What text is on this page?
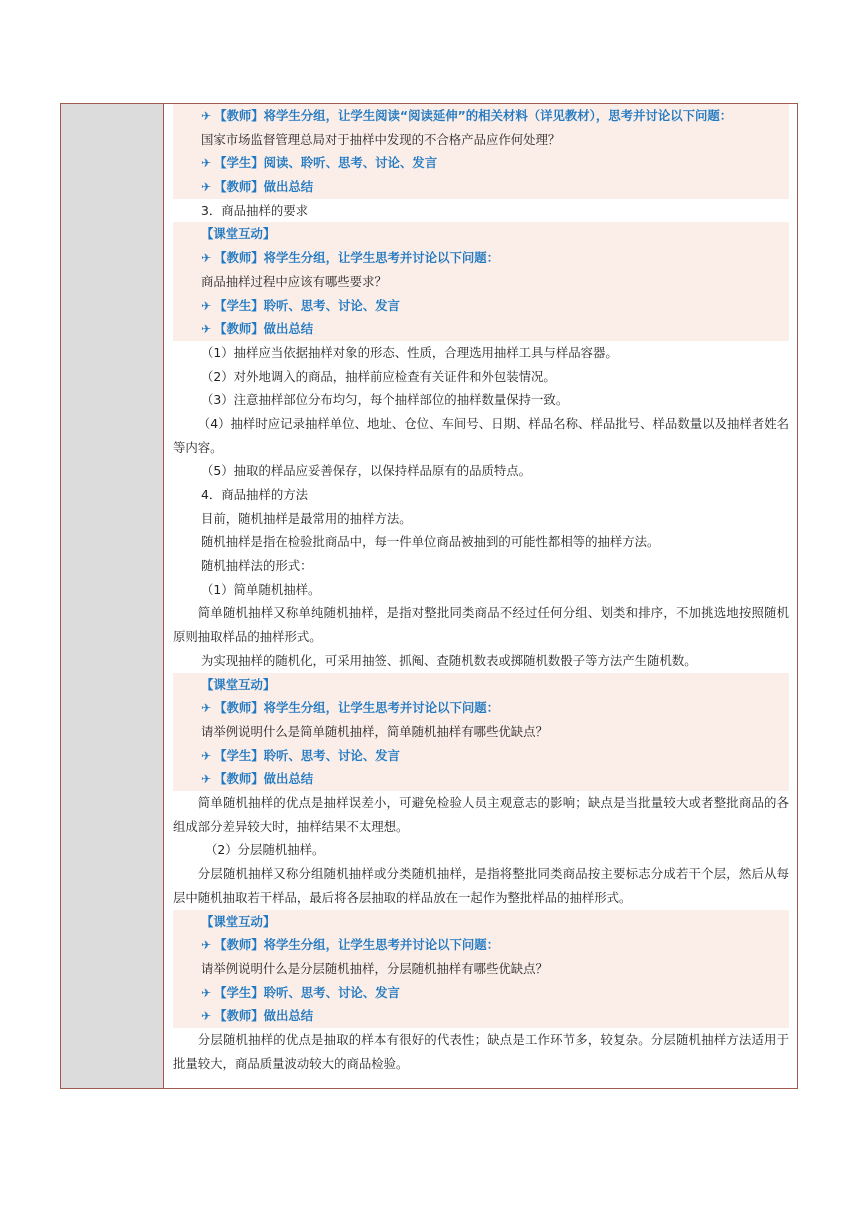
✈ 【教师】将学生分组，让学生阅读“阅读延伸”的相关材料（详见教材），思考并讨论以下问题：
国家市场监督管理总局对于抽样中发现的不合格产品应作何处理？
✈ 【学生】阅读、聆听、思考、讨论、发言
✈ 【教师】做出总结
3．商品抽样的要求
【课堂互动】
✈ 【教师】将学生分组，让学生思考并讨论以下问题：
商品抽样过程中应该有哪些要求？
✈ 【学生】聆听、思考、讨论、发言
✈ 【教师】做出总结
（1）抽样应当依据抽样对象的形态、性质，合理选用抽样工具与样品容器。
（2）对外地调入的商品，抽样前应检查有关证件和外包装情况。
（3）注意抽样部位分布均匀，每个抽样部位的抽样数量保持一致。
（4）抽样时应记录抽样单位、地址、仓位、车间号、日期、样品名称、样品批号、样品数量以及抽样者姓名等内容。
（5）抽取的样品应妥善保存，以保持样品原有的品质特点。
4．商品抽样的方法
目前，随机抽样是最常用的抽样方法。
随机抽样是指在检验批商品中，每一件单位商品被抽到的可能性都相等的抽样方法。
随机抽样法的形式：
（1）简单随机抽样。
简单随机抽样又称单纯随机抽样，是指对整批同类商品不经过任何分组、划类和排序，不加挑选地按照随机原则抽取样品的抽样形式。
为实现抽样的随机化，可采用抽签、抓阄、查随机数表或掷随机数骰子等方法产生随机数。
【课堂互动】
✈ 【教师】将学生分组，让学生思考并讨论以下问题：
请举例说明什么是简单随机抽样，简单随机抽样有哪些优缺点？
✈ 【学生】聆听、思考、讨论、发言
✈ 【教师】做出总结
简单随机抽样的优点是抽样误差小，可避免检验人员主观意志的影响；缺点是当批量较大或者整批商品的各组成部分差异较大时，抽样结果不太理想。
（2）分层随机抽样。
分层随机抽样又称分组随机抽样或分类随机抽样，是指将整批同类商品按主要标志分成若干个层，然后从每层中随机抽取若干样品，最后将各层抽取的样品放在一起作为整批样品的抽样形式。
【课堂互动】
✈ 【教师】将学生分组，让学生思考并讨论以下问题：
请举例说明什么是分层随机抽样，分层随机抽样有哪些优缺点？
✈ 【学生】聆听、思考、讨论、发言
✈ 【教师】做出总结
分层随机抽样的优点是抽取的样本有很好的代表性；缺点是工作环节多，较复杂。分层随机抽样方法适用于批量较大，商品质量波动较大的商品检验。
